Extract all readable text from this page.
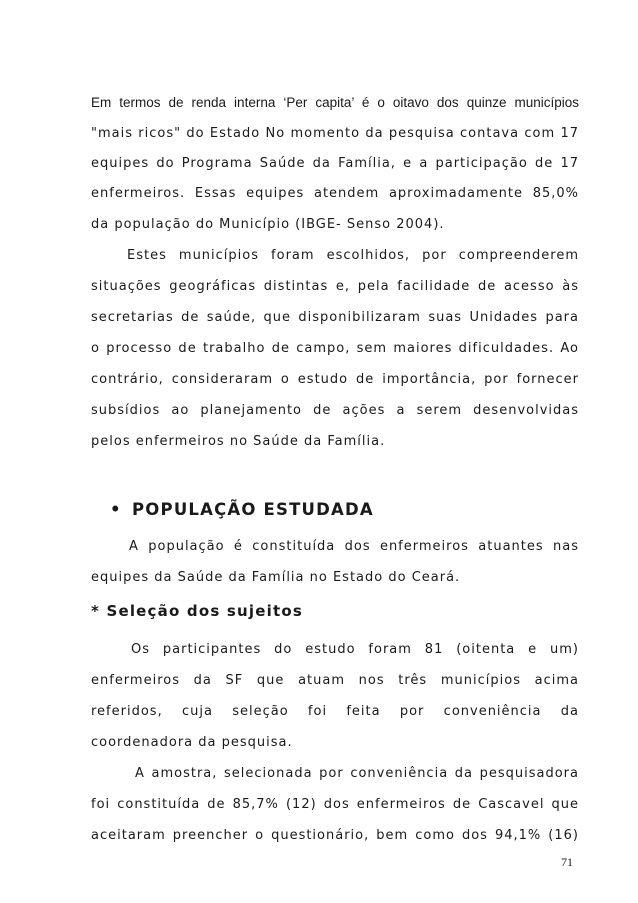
Em termos de renda interna ‘Per capita’ é o oitavo dos quinze municípios
"mais ricos" do Estado No momento da pesquisa contava com 17
equipes do Programa Saúde da Família, e a participação de 17
enfermeiros. Essas equipes atendem aproximadamente 85,0%
da população do Município (IBGE- Senso 2004).
Estes municípios foram escolhidos, por compreenderem
situações geográficas distintas e, pela facilidade de acesso às
secretarias de saúde, que disponibilizaram suas Unidades para
o processo de trabalho de campo, sem maiores dificuldades. Ao
contrário, consideraram o estudo de importância, por fornecer
subsídios ao planejamento de ações a serem desenvolvidas
pelos enfermeiros no Saúde da Família.
• POPULAÇÃO ESTUDADA
A população é constituída dos enfermeiros atuantes nas
equipes da Saúde da Família no Estado do Ceará.
* Seleção dos sujeitos
Os participantes do estudo foram 81 (oitenta e um)
enfermeiros da SF que atuam nos três municípios acima
referidos, cuja seleção foi feita por conveniência da
coordenadora da pesquisa.
A amostra, selecionada por conveniência da pesquisadora
foi constituída de 85,7% (12) dos enfermeiros de Cascavel que
aceitaram preencher o questionário, bem como dos 94,1% (16)
71
